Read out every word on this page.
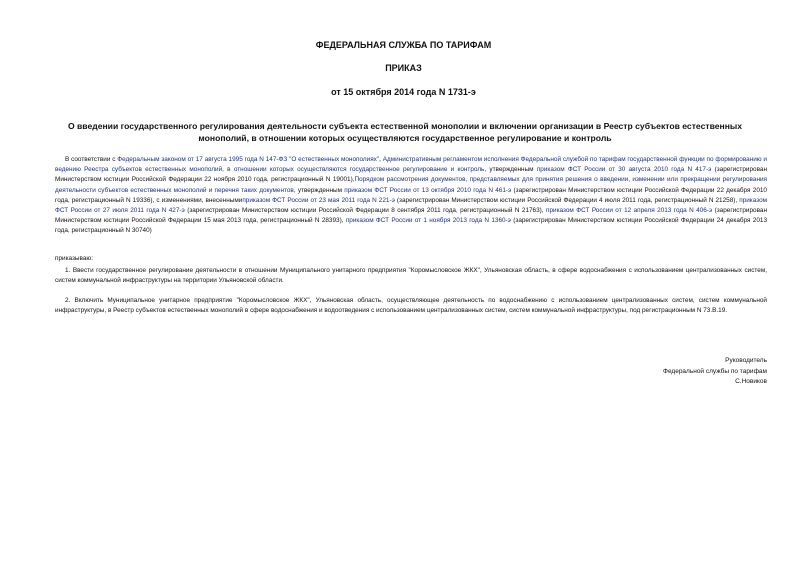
ФЕДЕРАЛЬНАЯ СЛУЖБА ПО ТАРИФАМ
ПРИКАЗ
от 15 октября 2014 года N 1731-э
О введении государственного регулирования деятельности субъекта естественной монополии и включении организации в Реестр субъектов естественных
монополий, в отношении которых осуществляются государственное регулирование и контроль
В соответствии с Федеральным законом от 17 августа 1995 года N 147-ФЗ "О естественных монополиях", Административным регламентом исполнения Федеральной службой по тарифам государственной функции по формированию и ведению Реестра субъектов естественных монополий, в отношении которых осуществляются государственное регулирование и контроль, утвержденным приказом ФСТ России от 30 августа 2010 года N 417-э (зарегистрирован Министерством юстиции Российской Федерации 22 ноября 2010 года, регистрационный N 19001),Порядком рассмотрения документов, представляемых для принятия решения о введении, изменении или прекращении регулирования деятельности субъектов естественных монополий и перечня таких документов, утвержденным приказом ФСТ России от 13 октября 2010 года N 461-э (зарегистрирован Министерством юстиции Российской Федерации 22 декабря 2010 года, регистрационный N 19336), с изменениями, внесеннымиприказом ФСТ России от 23 мая 2011 года N 221-э (зарегистрирован Министерством юстиции Российской Федерации 4 июля 2011 года, регистрационный N 21258), приказом ФСТ России от 27 июля 2011 года N 427-э (зарегистрирован Министерством юстиции Российской Федерации 8 сентября 2011 года, регистрационный N 21763), приказом ФСТ России от 12 апреля 2013 года N 406-э (зарегистрирован Министерством юстиции Российской Федерации 15 мая 2013 года, регистрационный N 28393), приказом ФСТ России от 1 ноября 2013 года N 1360-э (зарегистрирован Министерством юстиции Российской Федерации 24 декабря 2013 года, регистрационный N 30740)
приказываю:
1. Ввести государственное регулирование деятельности в отношении Муниципального унитарного предприятия "Коромысловское ЖКХ", Ульяновская область, в сфере водоснабжения с использованием централизованных систем, систем коммунальной инфраструктуры на территории Ульяновской области.
2. Включить Муниципальное унитарное предприятие "Коромысловское ЖКХ", Ульяновская область, осуществляющее деятельность по водоснабжению с использованием централизованных систем, систем коммунальной инфраструктуры, в Реестр субъектов естественных монополий в сфере водоснабжения и водоотведения с использованием централизованных систем, систем коммунальной инфраструктуры, под регистрационным N 73.В.19.
Руководитель
Федеральной службы по тарифам
С.Новиков
